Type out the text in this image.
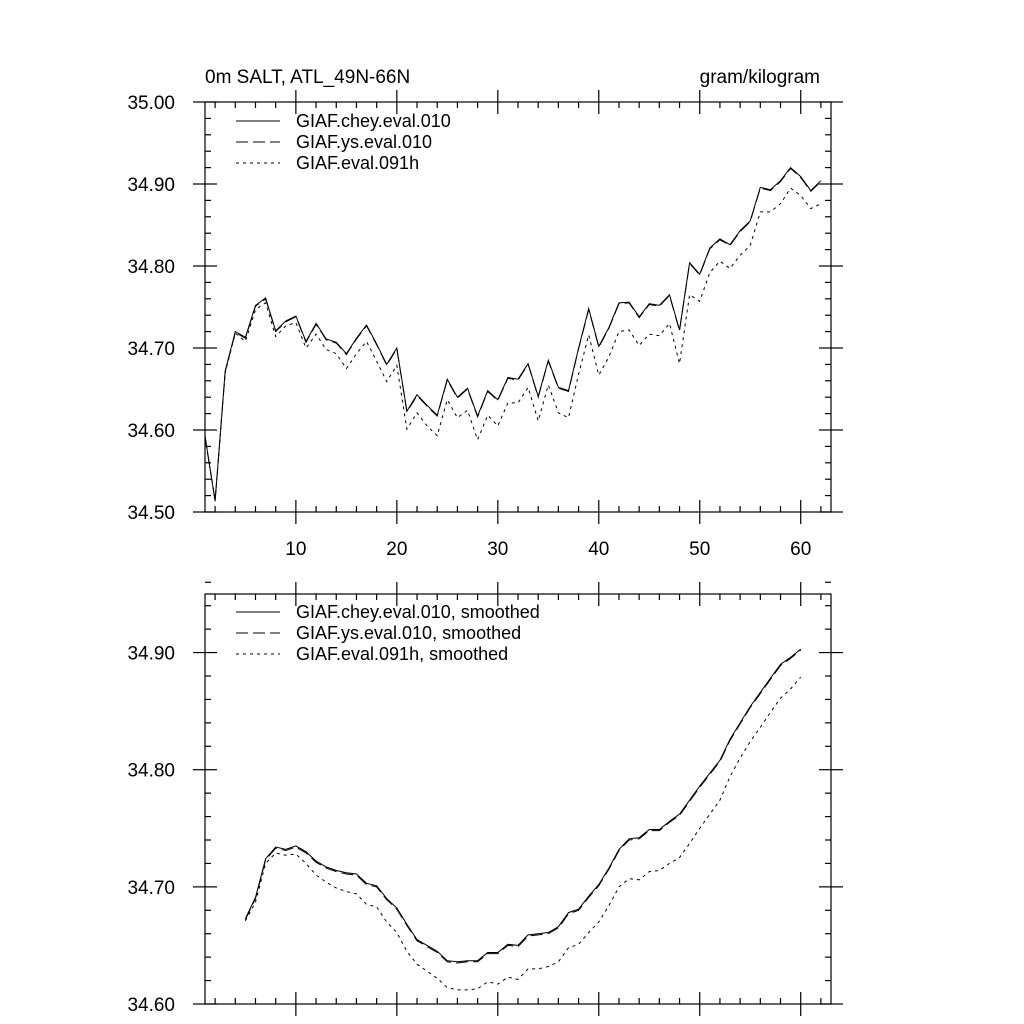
0m SALT, ATL_49N-66N	gram/kilogram
10	20	30	40	50	60
34.50
34.60
34.70
34.80
34.90
35.00
GIAF.chey.eval.010
GIAF.ys.eval.010
GIAF.eval.091h
34.60
34.70
34.80
34.90
GIAF.chey.eval.010, smoothed
GIAF.ys.eval.010, smoothed
GIAF.eval.091h, smoothed
